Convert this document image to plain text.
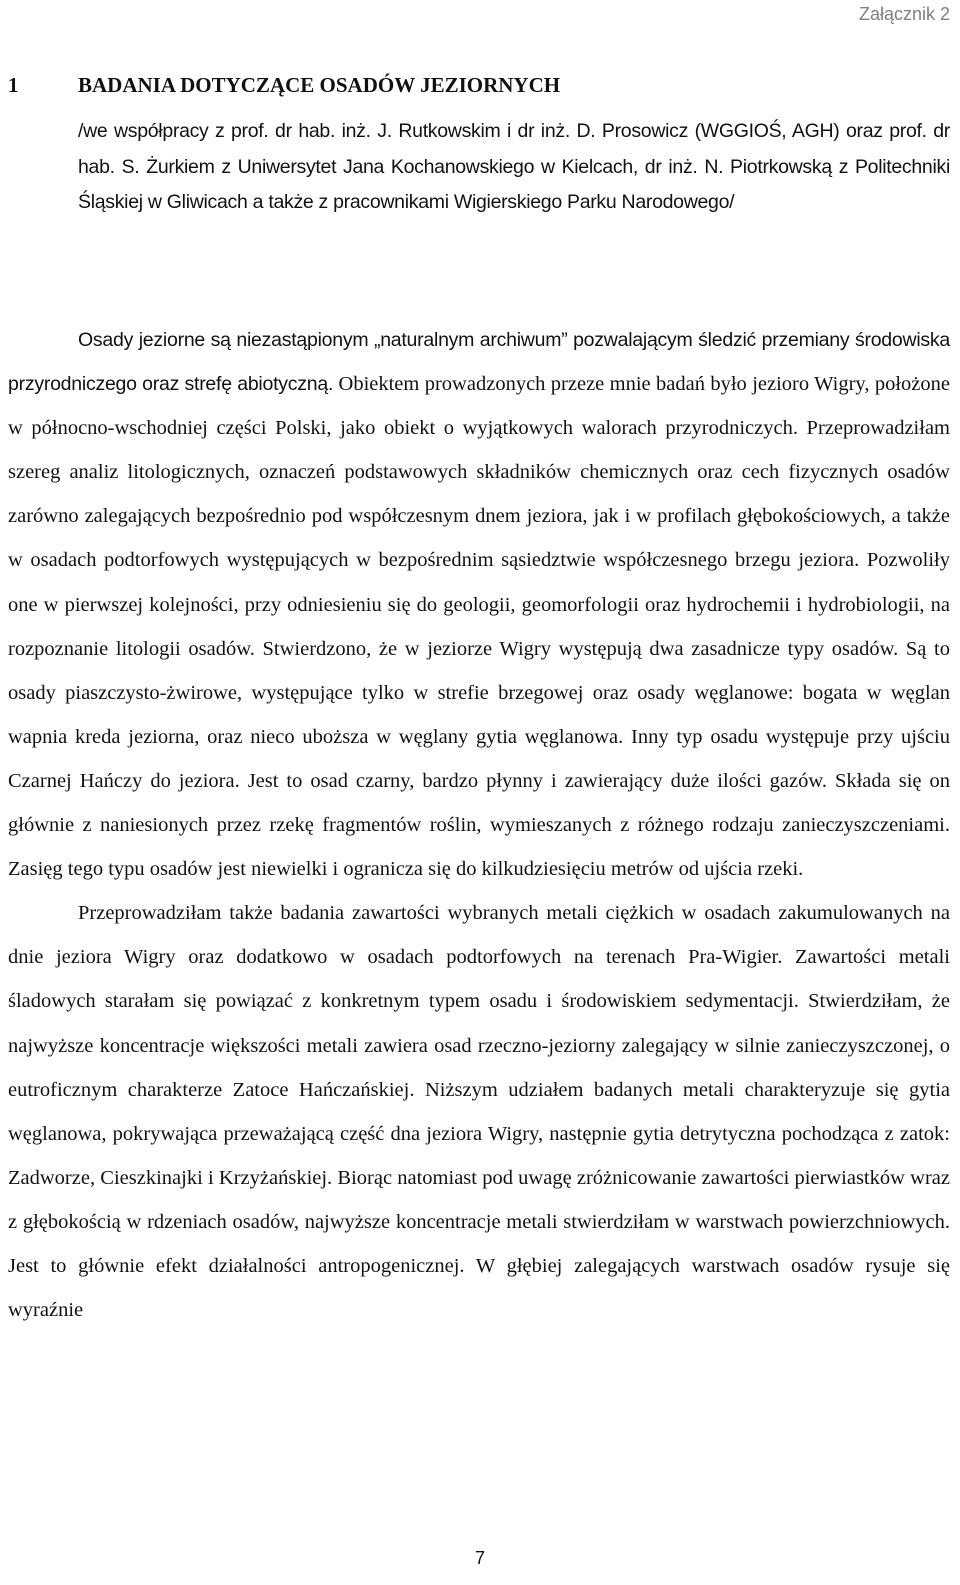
Załącznik 2
1	BADANIA DOTYCZĄCE OSADÓW JEZIORNYCH
/we współpracy z prof. dr hab. inż. J. Rutkowskim i dr inż. D. Prosowicz (WGGIOŚ, AGH) oraz prof. dr hab. S. Żurkiem z Uniwersytet Jana Kochanowskiego w Kielcach, dr inż. N. Piotrkowską z Politechniki Śląskiej w Gliwicach a także z pracownikami Wigierskiego Parku Narodowego/

Osady jeziorne są niezastąpionym „naturalnym archiwum” pozwalającym śledzić przemiany środowiska przyrodniczego oraz strefę abiotyczną. Obiektem prowadzonych przeze mnie badań było jezioro Wigry, położone w północno-wschodniej części Polski, jako obiekt o wyjątkowych walorach przyrodniczych. Przeprowadziłam szereg analiz litologicznych, oznaczeń podstawowych składników chemicznych oraz cech fizycznych osadów zarówno zalegających bezpośrednio pod współczesnym dnem jeziora, jak i w profilach głębokościowych, a także w osadach podtorfowych występujących w bezpośrednim sąsiedztwie współczesnego brzegu jeziora. Pozwoliły one w pierwszej kolejności, przy odniesieniu się do geologii, geomorfologii oraz hydrochemii i hydrobiologii, na rozpoznanie litologii osadów. Stwierdzono, że w jeziorze Wigry występują dwa zasadnicze typy osadów. Są to osady piaszczysto-żwirowe, występujące tylko w strefie brzegowej oraz osady węglanowe: bogata w węglan wapnia kreda jeziorna, oraz nieco uboższa w węglany gytia węglanowa. Inny typ osadu występuje przy ujściu Czarnej Hańczy do jeziora. Jest to osad czarny, bardzo płynny i zawierający duże ilości gazów. Składa się on głównie z naniesionych przez rzekę fragmentów roślin, wymieszanych z różnego rodzaju zanieczyszczeniami. Zasięg tego typu osadów jest niewielki i ogranicza się do kilkudziesięciu metrów od ujścia rzeki.

Przeprowadziłam także badania zawartości wybranych metali ciężkich w osadach zakumulowanych na dnie jeziora Wigry oraz dodatkowo w osadach podtorfowych na terenach Pra-Wigier. Zawartości metali śladowych starałam się powiązać z konkretnym typem osadu i środowiskiem sedymentacji. Stwierdziłam, że najwyższe koncentracje większości metali zawiera osad rzeczno-jeziorny zalegający w silnie zanieczyszczonej, o eutroficznym charakterze Zatoce Hańczańskiej. Niższym udziałem badanych metali charakteryzuje się gytia węglanowa, pokrywająca przeważającą część dna jeziora Wigry, następnie gytia detrytyczna pochodząca z zatok: Zadworze, Cieszkinajki i Krzyżańskiej. Biorąc natomiast pod uwagę zróżnicowanie zawartości pierwiastków wraz z głębokością w rdzeniach osadów, najwyższe koncentracje metali stwierdziłam w warstwach powierzchniowych. Jest to głównie efekt działalności antropogenicznej. W głębiej zalegających warstwach osadów rysuje się wyraźnie

7
